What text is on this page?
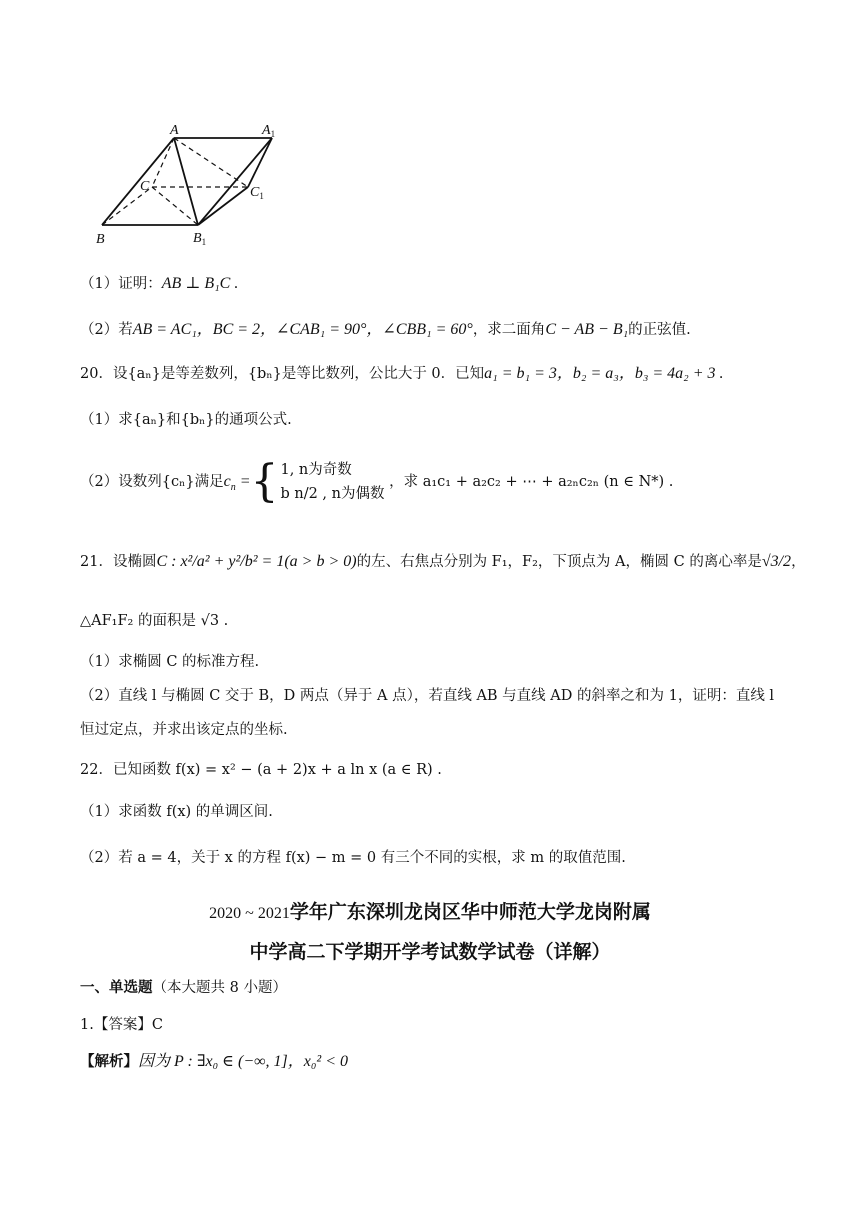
A	$A_1$
C	$C_1$
B	$B_1$
（1）证明：AB ⊥ B₁C .
（2）若AB = AC₁，BC = 2，∠CAB₁ = 90°，∠CBB₁ = 60°，求二面角C − AB − B₁的正弦值.
20．设{aₙ}是等差数列，{bₙ}是等比数列，公比大于 0．已知a₁ = b₁ = 3，b₂ = a₃，b₃ = 4a₂ + 3 .
（1）求{aₙ}和{bₙ}的通项公式.
（2）设数列{cₙ}满足$c_n$ ={ 1, n为奇数
b n/2 , n为偶数
，求 a₁c₁ + a₂c₂ + ⋯ + a₂ₙc₂ₙ (n ∈ N*) .
21．设椭圆C : x²/a² + y²/b² = 1(a > b > 0)的左、右焦点分别为 F₁，F₂，下顶点为 A，椭圆 C 的离心率是√3/2，
△AF₁F₂ 的面积是 √3 .
（1）求椭圆 C 的标准方程.
（2）直线 l 与椭圆 C 交于 B，D 两点（异于 A 点），若直线 AB 与直线 AD 的斜率之和为 1，证明：直线 l
恒过定点，并求出该定点的坐标.
22．已知函数 f(x) = x² − (a + 2)x + a ln x (a ∈ R) .
（1）求函数 f(x) 的单调区间.
（2）若 a = 4，关于 x 的方程 f(x) − m = 0 有三个不同的实根，求 m 的取值范围.
2020 ~ 2021学年广东深圳龙岗区华中师范大学龙岗附属
中学高二下学期开学考试数学试卷（详解）
一、单选题（本大题共 8 小题）
1.【答案】C
【解析】因为 P : ∃x₀ ∈ (−∞, 1]，x₀² < 0
